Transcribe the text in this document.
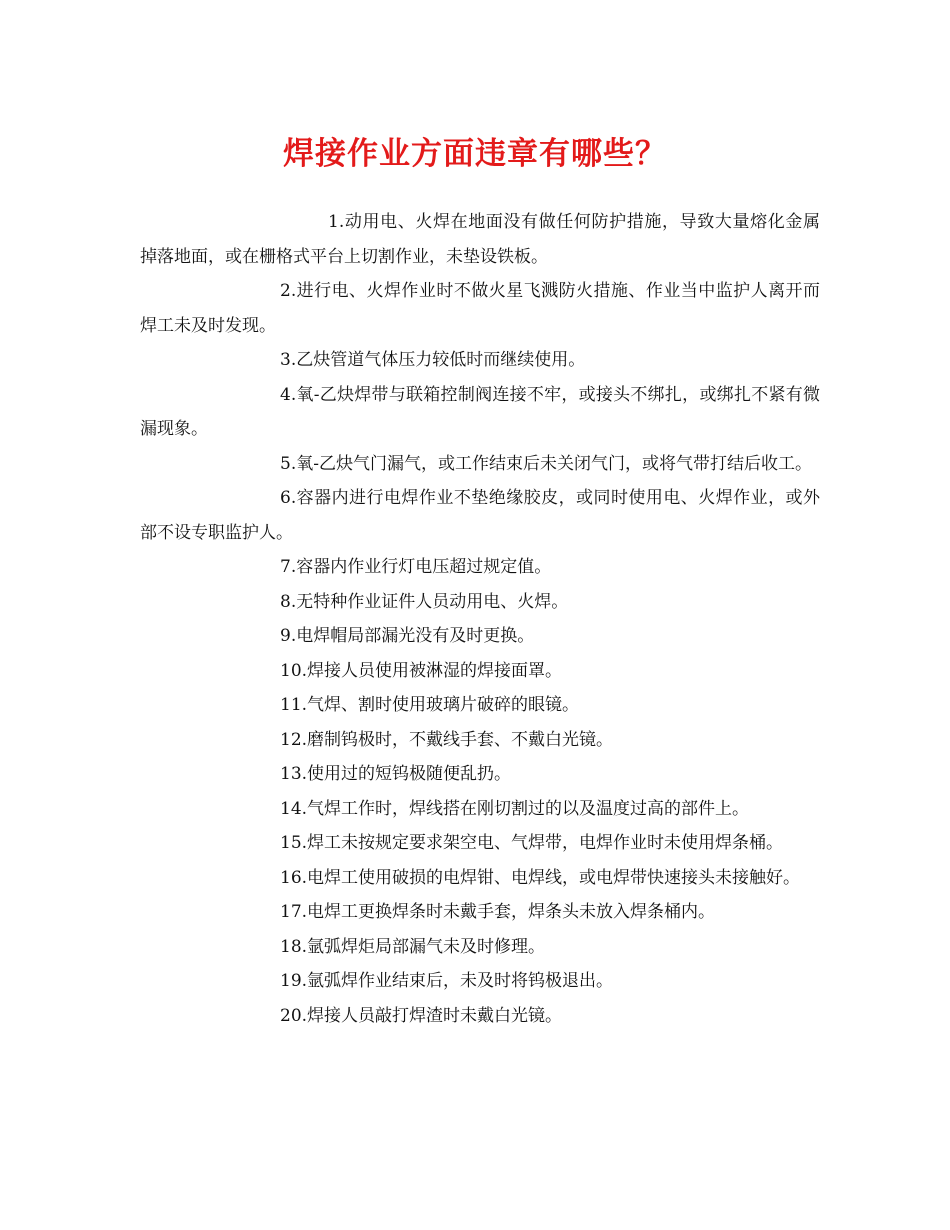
焊接作业方面违章有哪些？

1.动用电、火焊在地面没有做任何防护措施，导致大量熔化金属掉落地面，或在栅格式平台上切割作业，未垫设铁板。

2.进行电、火焊作业时不做火星飞溅防火措施、作业当中监护人离开而焊工未及时发现。

3.乙炔管道气体压力较低时而继续使用。

4.氧-乙炔焊带与联箱控制阀连接不牢，或接头不绑扎，或绑扎不紧有微漏现象。

5.氧-乙炔气门漏气，或工作结束后未关闭气门，或将气带打结后收工。

6.容器内进行电焊作业不垫绝缘胶皮，或同时使用电、火焊作业，或外部不设专职监护人。

7.容器内作业行灯电压超过规定值。

8.无特种作业证件人员动用电、火焊。

9.电焊帽局部漏光没有及时更换。

10.焊接人员使用被淋湿的焊接面罩。

11.气焊、割时使用玻璃片破碎的眼镜。

12.磨制钨极时，不戴线手套、不戴白光镜。

13.使用过的短钨极随便乱扔。

14.气焊工作时，焊线搭在刚切割过的以及温度过高的部件上。

15.焊工未按规定要求架空电、气焊带，电焊作业时未使用焊条桶。

16.电焊工使用破损的电焊钳、电焊线，或电焊带快速接头未接触好。

17.电焊工更换焊条时未戴手套，焊条头未放入焊条桶内。

18.氩弧焊炬局部漏气未及时修理。

19.氩弧焊作业结束后，未及时将钨极退出。

20.焊接人员敲打焊渣时未戴白光镜。
